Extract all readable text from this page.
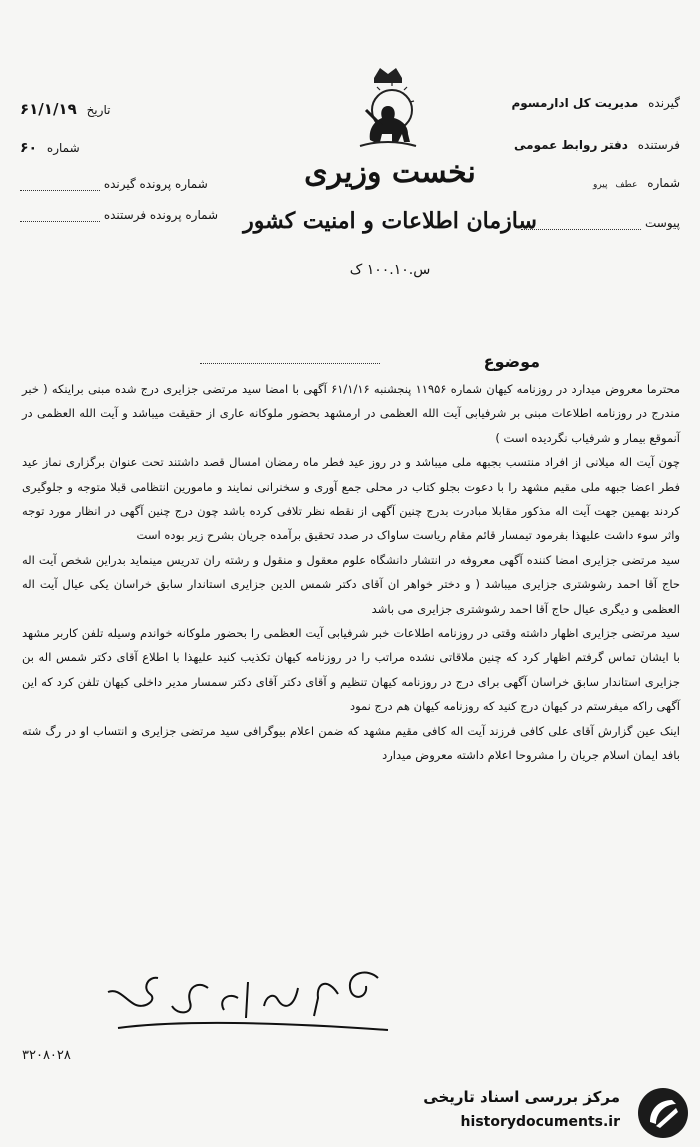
تاریخ ۶۱/۱/۱۹
شماره ۶۰
شماره پرونده گیرنده
شماره پرونده فرستنده
نخست وزیری
سازمان اطلاعات و امنیت کشور
س.۱۰۰.۱۰ ک
گیرنده مدیریت کل ادارمسوم
فرستنده دفتر روابط عمومی
شماره عطف پیرو
پیوست
موضوع

محترما معروض میدارد در روزنامه کیهان شماره ۱۱۹۵۶ پنجشنبه ۶۱/۱/۱۶ آگهی با امضا سید مرتضی جزایری درج شده مبنی براینکه ( خبر مندرج در روزنامه اطلاعات مبنی بر شرفیابی آیت الله العظمی در ارمشهد بحضور ملوکانه عاری از حقیقت میباشد و آیت الله العظمی در آنموقع بیمار و شرفیاب نگردیده است )

چون آیت اله میلانی از افراد منتسب بجبهه ملی میباشد و در روز عید فطر ماه رمضان امسال قصد داشتند تحت عنوان برگزاری نماز عید فطر اعضا جبهه ملی مقیم مشهد را با دعوت بجلو کتاب در محلی جمع آوری و سخنرانی نمایند و مامورین انتظامی قبلا متوجه و جلوگیری کردند بهمین جهت آیت اله مذکور مقابلا مبادرت بدرج چنین آگهی از نقطه نظر تلافی کرده باشد چون درج چنین آگهی در انظار مورد توجه واثر سوء داشت علیهذا بفرمود تیمسار قائم مقام ریاست ساواک در صدد تحقیق برآمده جریان بشرح زیر بوده است

سید مرتضی جزایری امضا کننده آگهی معروفه در انتشار دانشگاه علوم معقول و منقول و رشته ران تدریس مینماید بدراین شخص آیت اله حاج آقا احمد رشوشتری جزایری میباشد ( و دختر خواهر ان آقای دکتر شمس الدین جزایری استاندار سابق خراسان یکی عیال آیت اله العظمی و دیگری عیال حاج آقا احمد رشوشتری جزایری می باشد

سید مرتضی جزایری اظهار داشته وقتی در روزنامه اطلاعات خبر شرفیابی آیت العظمی را بحضور ملوکانه خواندم وسیله تلفن کاربر مشهد با ایشان تماس گرفتم اظهار کرد که چنین ملاقاتی نشده مراتب را در روزنامه کیهان تکذیب کنید علیهذا با اطلاع آقای دکتر شمس اله بن جزایری استاندار سابق خراسان آگهی برای درج در روزنامه کیهان تنظیم و آقای دکتر آقای دکتر سمسار مدیر داخلی کیهان تلفن کرد که این آگهی راکه میفرستم در کیهان درج کنید که روزنامه کیهان هم درج نمود

اینک عین گزارش آقای علی کافی فرزند آیت اله کافی مقیم مشهد که ضمن اعلام بیوگرافی سید مرتضی جزایری و انتساب او در رگ شته بافد ایمان اسلام جریان را مشروحا اعلام داشته معروض میدارد

۳۲۰۸۰۲۸
مرکز بررسی اسناد تاریخی
historydocuments.ir
